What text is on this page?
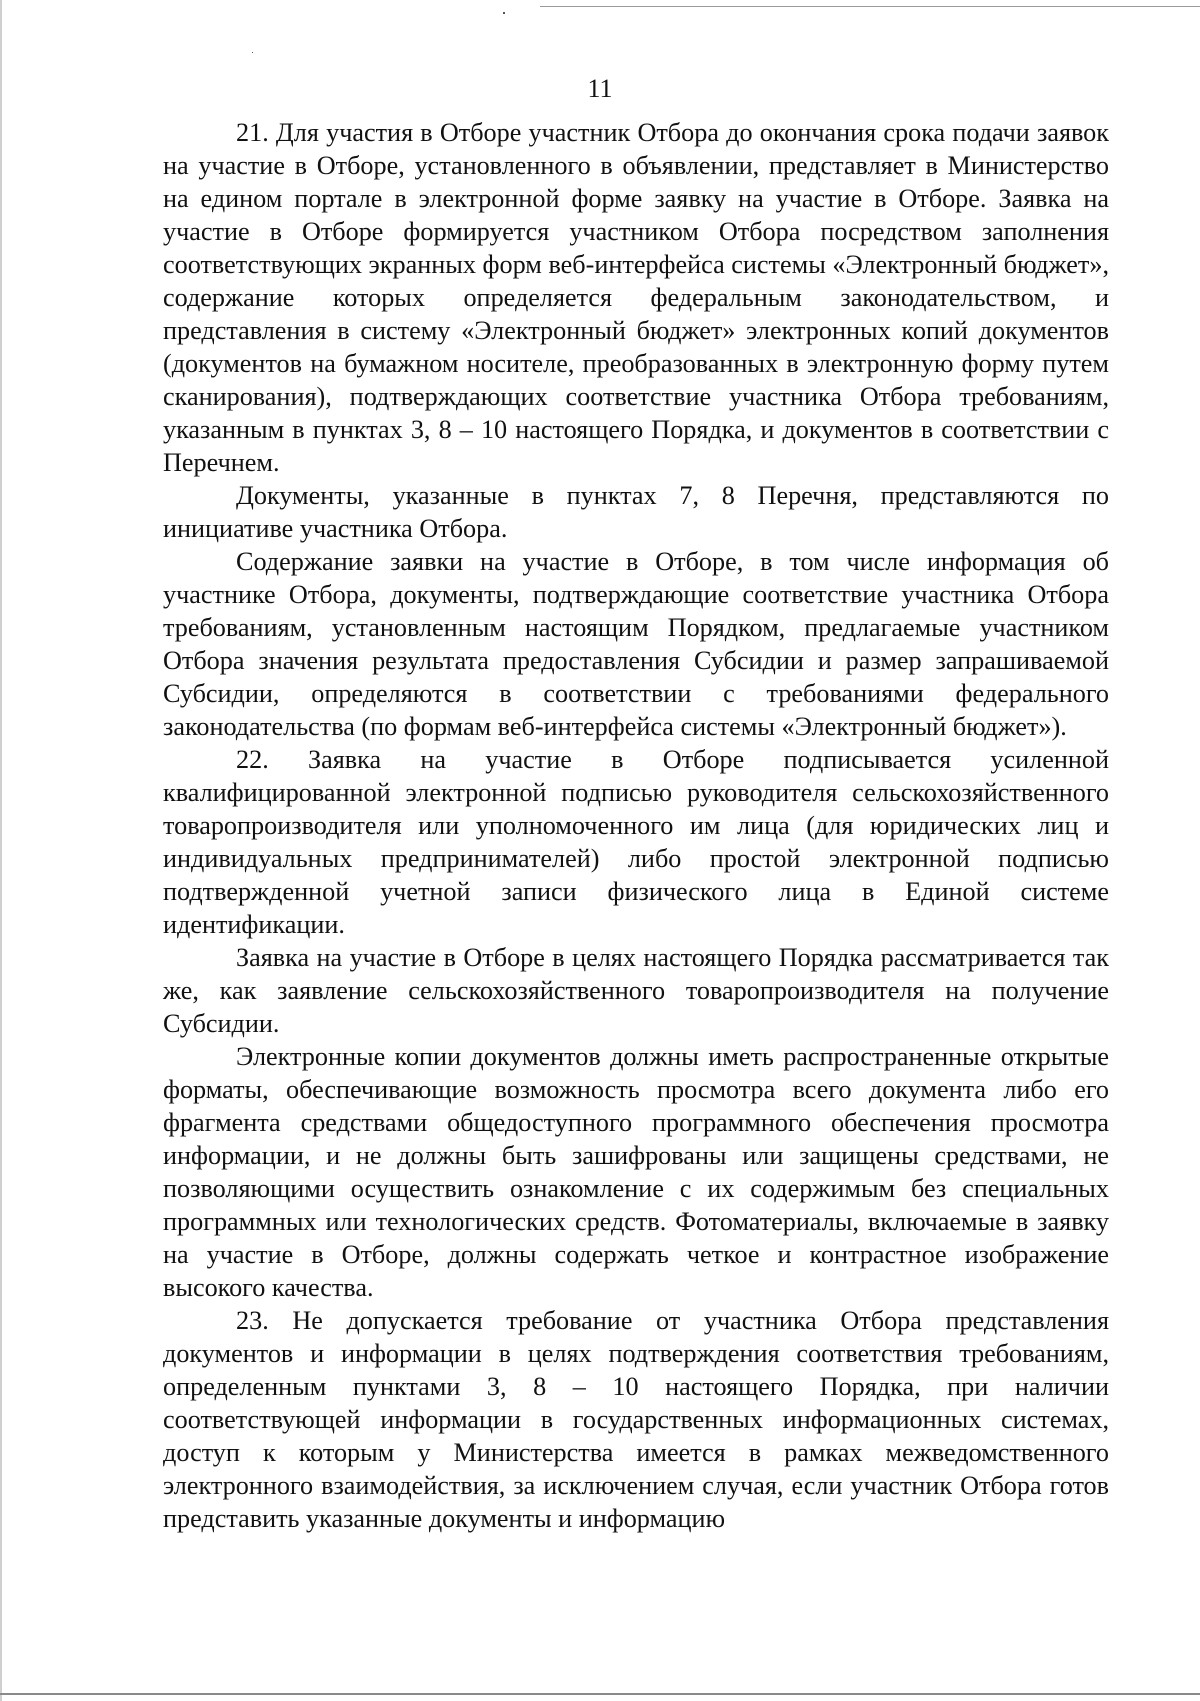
11

21. Для участия в Отборе участник Отбора до окончания срока подачи заявок на участие в Отборе, установленного в объявлении, представляет в Министерство на едином портале в электронной форме заявку на участие в Отборе. Заявка на участие в Отборе формируется участником Отбора посредством заполнения соответствующих экранных форм веб-интерфейса системы «Электронный бюджет», содержание которых определяется федеральным законодательством, и представления в систему «Электронный бюджет» электронных копий документов (документов на бумажном носителе, преобразованных в электронную форму путем сканирования), подтверждающих соответствие участника Отбора требованиям, указанным в пунктах 3, 8 – 10 настоящего Порядка, и документов в соответствии с Перечнем.

Документы, указанные в пунктах 7, 8 Перечня, представляются по инициативе участника Отбора.

Содержание заявки на участие в Отборе, в том числе информация об участнике Отбора, документы, подтверждающие соответствие участника Отбора требованиям, установленным настоящим Порядком, предлагаемые участником Отбора значения результата предоставления Субсидии и размер запрашиваемой Субсидии, определяются в соответствии с требованиями федерального законодательства (по формам веб-интерфейса системы «Электронный бюджет»).

22. Заявка на участие в Отборе подписывается усиленной квалифицированной электронной подписью руководителя сельскохозяйственного товаропроизводителя или уполномоченного им лица (для юридических лиц и индивидуальных предпринимателей) либо простой электронной подписью подтвержденной учетной записи физического лица в Единой системе идентификации.

Заявка на участие в Отборе в целях настоящего Порядка рассматривается так же, как заявление сельскохозяйственного товаропроизводителя на получение Субсидии.

Электронные копии документов должны иметь распространенные открытые форматы, обеспечивающие возможность просмотра всего документа либо его фрагмента средствами общедоступного программного обеспечения просмотра информации, и не должны быть зашифрованы или защищены средствами, не позволяющими осуществить ознакомление с их содержимым без специальных программных или технологических средств. Фотоматериалы, включаемые в заявку на участие в Отборе, должны содержать четкое и контрастное изображение высокого качества.

23. Не допускается требование от участника Отбора представления документов и информации в целях подтверждения соответствия требованиям, определенным пунктами 3, 8 – 10 настоящего Порядка, при наличии соответствующей информации в государственных информационных системах, доступ к которым у Министерства имеется в рамках межведомственного электронного взаимодействия, за исключением случая, если участник Отбора готов представить указанные документы и информацию
